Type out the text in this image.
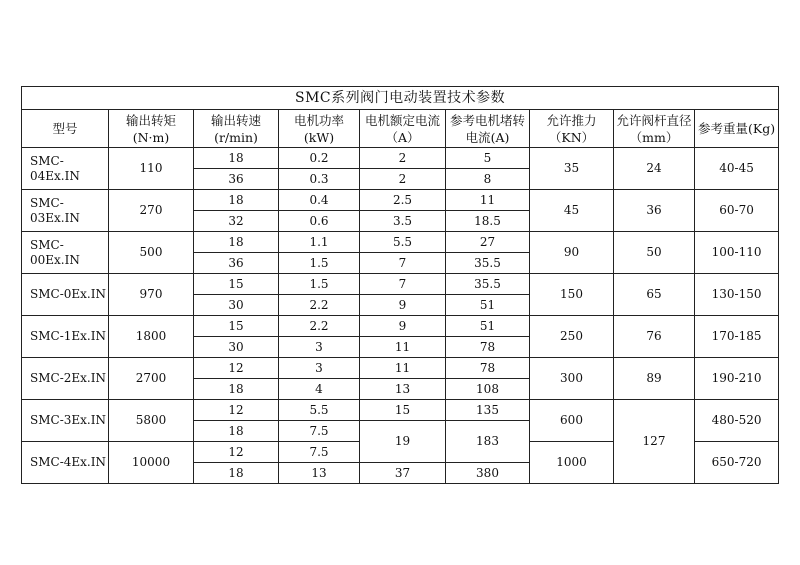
SMC系列阀门电动装置技术参数								
型号	输出转矩(N·m)	输出转速(r/min)	电机功率(kW)	电机额定电流（A）	参考电机堵转电流(A)	允许推力（KN）	允许阀杆直径（mm）	参考重量(Kg)
SMC-04Ex.IN	110	18	0.2	2	5	35	24	40-45
		36	0.3	2	8			
SMC-03Ex.IN	270	18	0.4	2.5	11	45	36	60-70
		32	0.6	3.5	18.5			
SMC-00Ex.IN	500	18	1.1	5.5	27	90	50	100-110
		36	1.5	7	35.5			
SMC-0Ex.IN	970	15	1.5	7	35.5	150	65	130-150
		30	2.2	9	51			
SMC-1Ex.IN	1800	15	2.2	9	51	250	76	170-185
		30	3	11	78			
SMC-2Ex.IN	2700	12	3	11	78	300	89	190-210
		18	4	13	108			
SMC-3Ex.IN	5800	12	5.5	15	135	600	127	480-520
		18	7.5	19	183			
SMC-4Ex.IN	10000	12	7.5			1000		650-720
		18	13	37	380			
